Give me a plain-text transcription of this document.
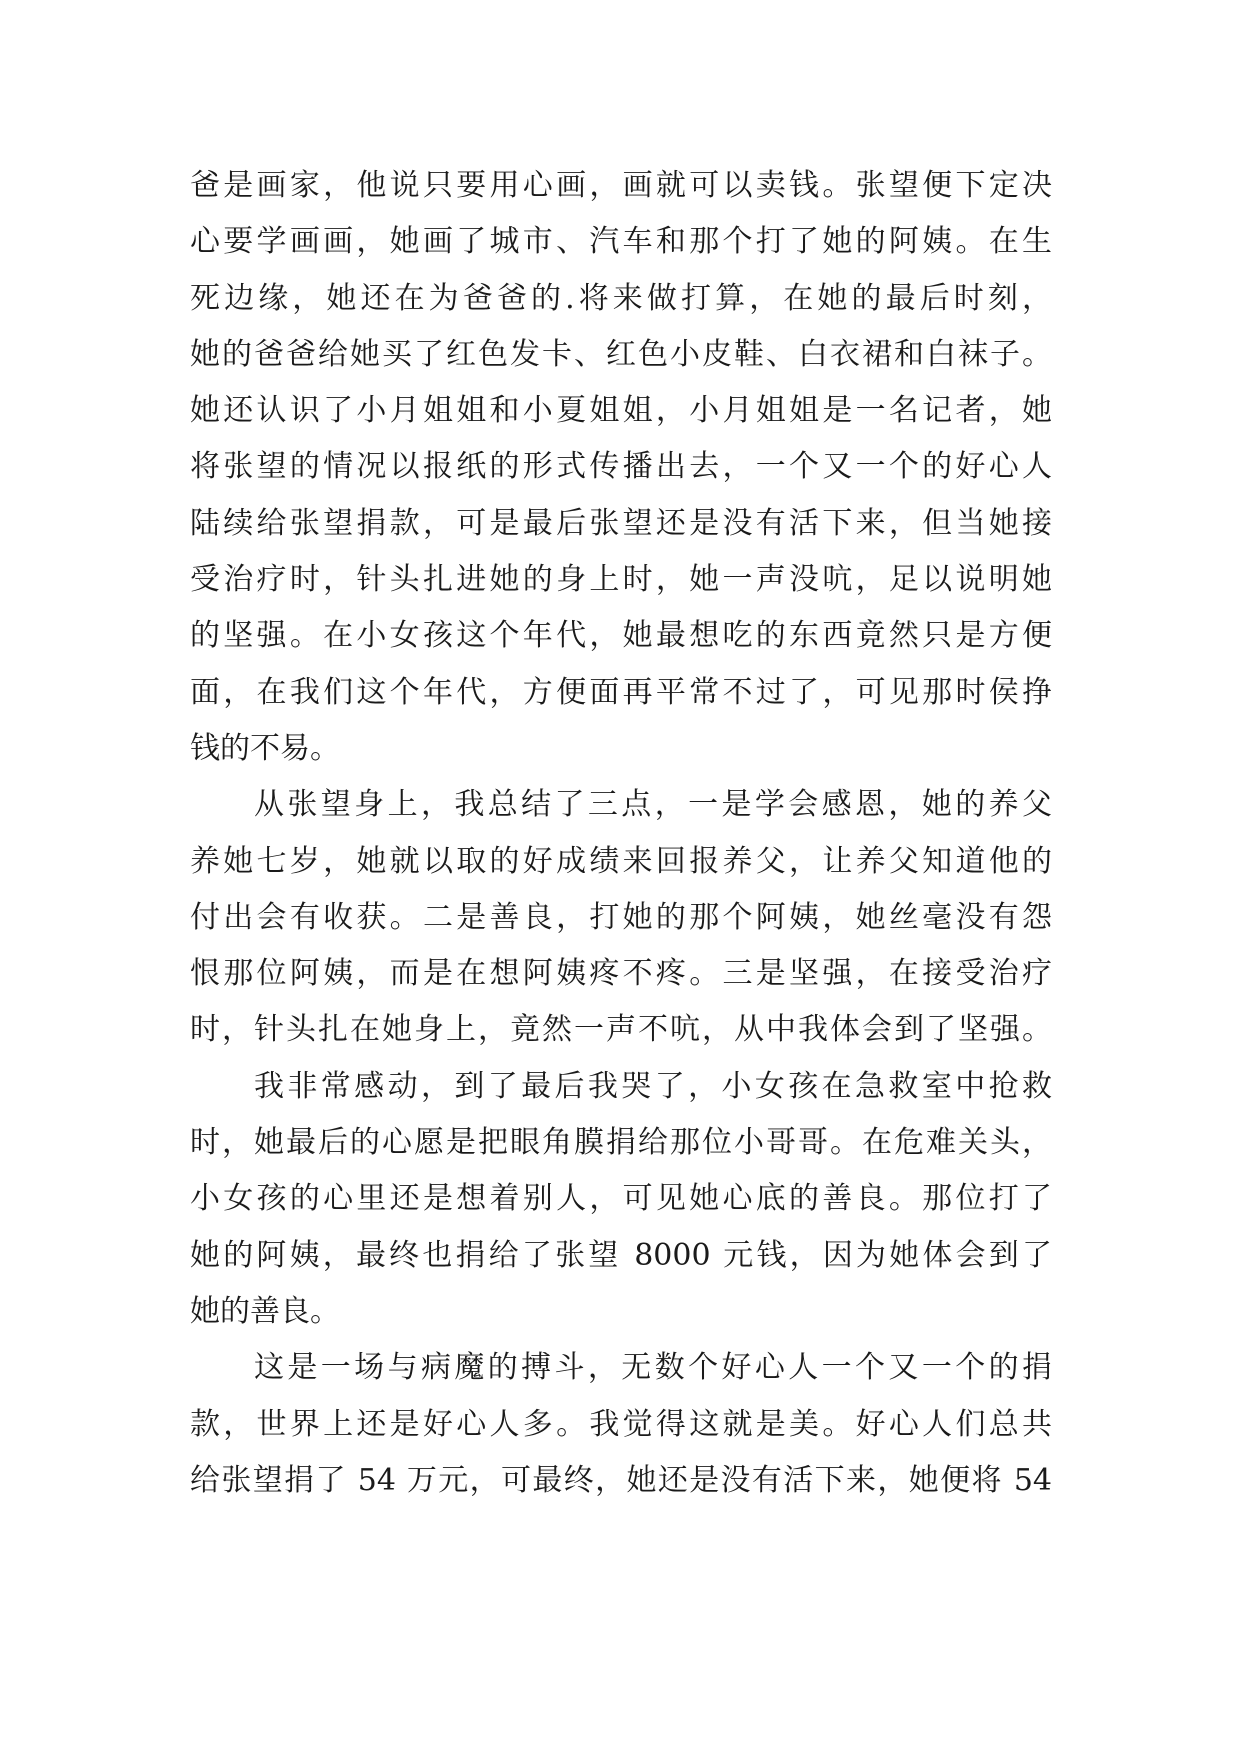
爸是画家，他说只要用心画，画就可以卖钱。张望便下定决
心要学画画，她画了城市、汽车和那个打了她的阿姨。在生
死边缘，她还在为爸爸的.将来做打算，在她的最后时刻，
她的爸爸给她买了红色发卡、红色小皮鞋、白衣裙和白袜子。
她还认识了小月姐姐和小夏姐姐，小月姐姐是一名记者，她
将张望的情况以报纸的形式传播出去，一个又一个的好心人
陆续给张望捐款，可是最后张望还是没有活下来，但当她接
受治疗时，针头扎进她的身上时，她一声没吭，足以说明她
的坚强。在小女孩这个年代，她最想吃的东西竟然只是方便
面，在我们这个年代，方便面再平常不过了，可见那时侯挣
钱的不易。
从张望身上，我总结了三点，一是学会感恩，她的养父
养她七岁，她就以取的好成绩来回报养父，让养父知道他的
付出会有收获。二是善良，打她的那个阿姨，她丝毫没有怨
恨那位阿姨，而是在想阿姨疼不疼。三是坚强，在接受治疗
时，针头扎在她身上，竟然一声不吭，从中我体会到了坚强。
我非常感动，到了最后我哭了，小女孩在急救室中抢救
时，她最后的心愿是把眼角膜捐给那位小哥哥。在危难关头，
小女孩的心里还是想着别人，可见她心底的善良。那位打了
她的阿姨，最终也捐给了张望 8000 元钱，因为她体会到了
她的善良。
这是一场与病魔的搏斗，无数个好心人一个又一个的捐
款，世界上还是好心人多。我觉得这就是美。好心人们总共
给张望捐了 54 万元，可最终，她还是没有活下来，她便将 54
